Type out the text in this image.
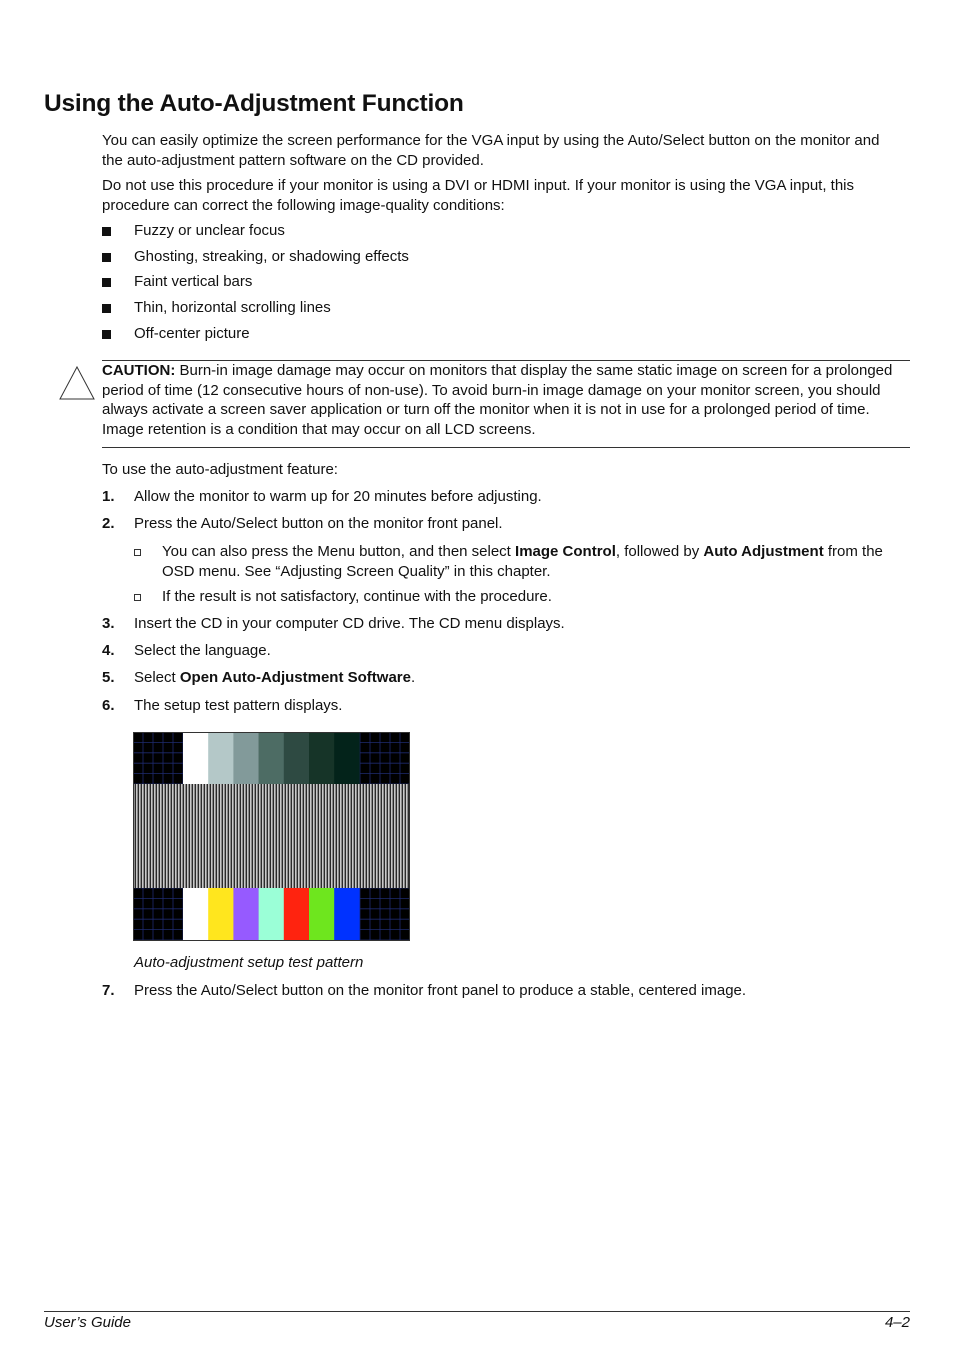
Using the Auto-Adjustment Function

You can easily optimize the screen performance for the VGA input by using the Auto/Select button on the monitor and the auto-adjustment pattern software on the CD provided.

Do not use this procedure if your monitor is using a DVI or HDMI input. If your monitor is using the VGA input, this procedure can correct the following image-quality conditions:

Fuzzy or unclear focus
Ghosting, streaking, or shadowing effects
Faint vertical bars
Thin, horizontal scrolling lines
Off-center picture

CAUTION: Burn-in image damage may occur on monitors that display the same static image on screen for a prolonged period of time (12 consecutive hours of non-use). To avoid burn-in image damage on your monitor screen, you should always activate a screen saver application or turn off the monitor when it is not in use for a prolonged period of time. Image retention is a condition that may occur on all LCD screens.

To use the auto-adjustment feature:

1. Allow the monitor to warm up for 20 minutes before adjusting.
2. Press the Auto/Select button on the monitor front panel.
You can also press the Menu button, and then select Image Control, followed by Auto Adjustment from the OSD menu. See “Adjusting Screen Quality” in this chapter.
If the result is not satisfactory, continue with the procedure.
3. Insert the CD in your computer CD drive. The CD menu displays.
4. Select the language.
5. Select Open Auto-Adjustment Software.
6. The setup test pattern displays.
Auto-adjustment setup test pattern
7. Press the Auto/Select button on the monitor front panel to produce a stable, centered image.
User’s Guide	4–2
